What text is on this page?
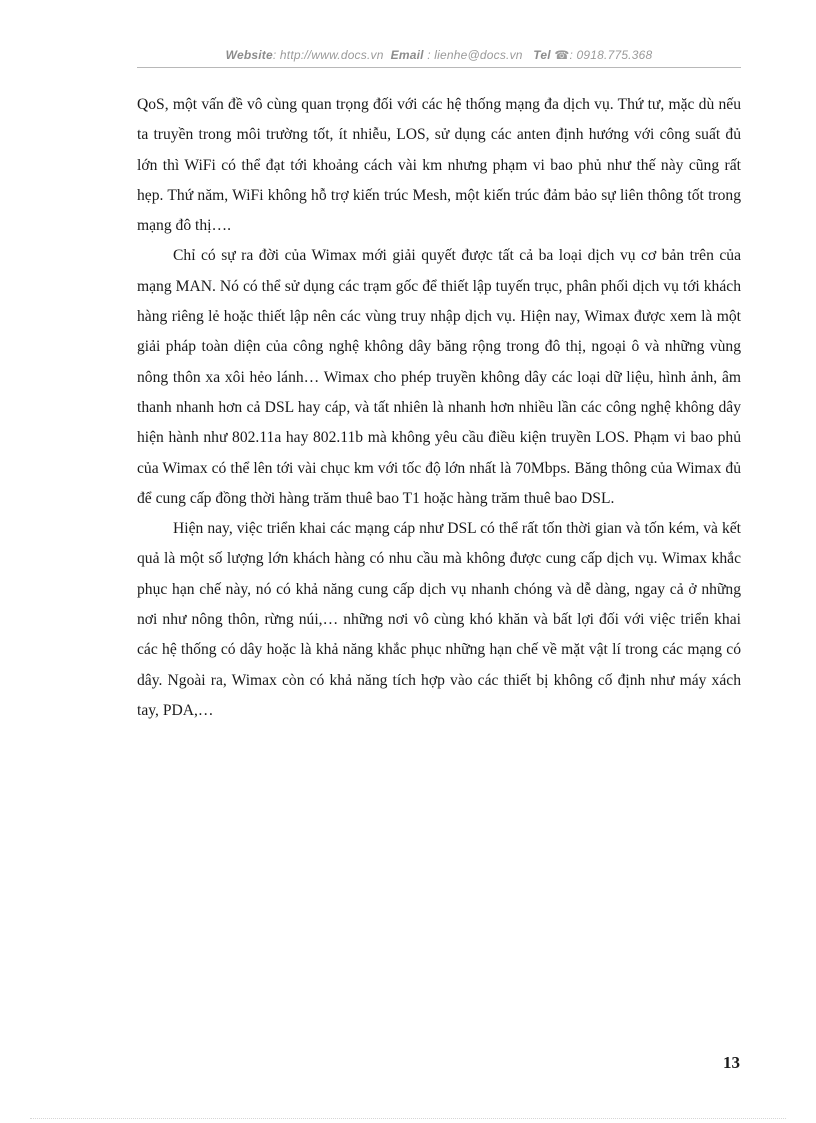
Website: http://www.docs.vn Email : lienhe@docs.vn Tel ☎: 0918.775.368

QoS, một vấn đề vô cùng quan trọng đối với các hệ thống mạng đa dịch vụ. Thứ tư, mặc dù nếu ta truyền trong môi trường tốt, ít nhiễu, LOS, sử dụng các anten định hướng với công suất đủ lớn thì WiFi có thể đạt tới khoảng cách vài km nhưng phạm vi bao phủ như thế này cũng rất hẹp. Thứ năm, WiFi không hỗ trợ kiến trúc Mesh, một kiến trúc đảm bảo sự liên thông tốt trong mạng đô thị….

Chỉ có sự ra đời của Wimax mới giải quyết được tất cả ba loại dịch vụ cơ bản trên của mạng MAN. Nó có thể sử dụng các trạm gốc để thiết lập tuyến trục, phân phối dịch vụ tới khách hàng riêng lẻ hoặc thiết lập nên các vùng truy nhập dịch vụ. Hiện nay, Wimax được xem là một giải pháp toàn diện của công nghệ không dây băng rộng trong đô thị, ngoại ô và những vùng nông thôn xa xôi hẻo lánh… Wimax cho phép truyền không dây các loại dữ liệu, hình ảnh, âm thanh nhanh hơn cả DSL hay cáp, và tất nhiên là nhanh hơn nhiều lần các công nghệ không dây hiện hành như 802.11a hay 802.11b mà không yêu cầu điều kiện truyền LOS. Phạm vi bao phủ của Wimax có thể lên tới vài chục km với tốc độ lớn nhất là 70Mbps. Băng thông của Wimax đủ để cung cấp đồng thời hàng trăm thuê bao T1 hoặc hàng trăm thuê bao DSL.

Hiện nay, việc triển khai các mạng cáp như DSL có thể rất tốn thời gian và tốn kém, và kết quả là một số lượng lớn khách hàng có nhu cầu mà không được cung cấp dịch vụ. Wimax khắc phục hạn chế này, nó có khả năng cung cấp dịch vụ nhanh chóng và dễ dàng, ngay cả ở những nơi như nông thôn, rừng núi,… những nơi vô cùng khó khăn và bất lợi đối với việc triển khai các hệ thống có dây hoặc là khả năng khắc phục những hạn chế về mặt vật lí trong các mạng có dây. Ngoài ra, Wimax còn có khả năng tích hợp vào các thiết bị không cố định như máy xách tay, PDA,…

13
